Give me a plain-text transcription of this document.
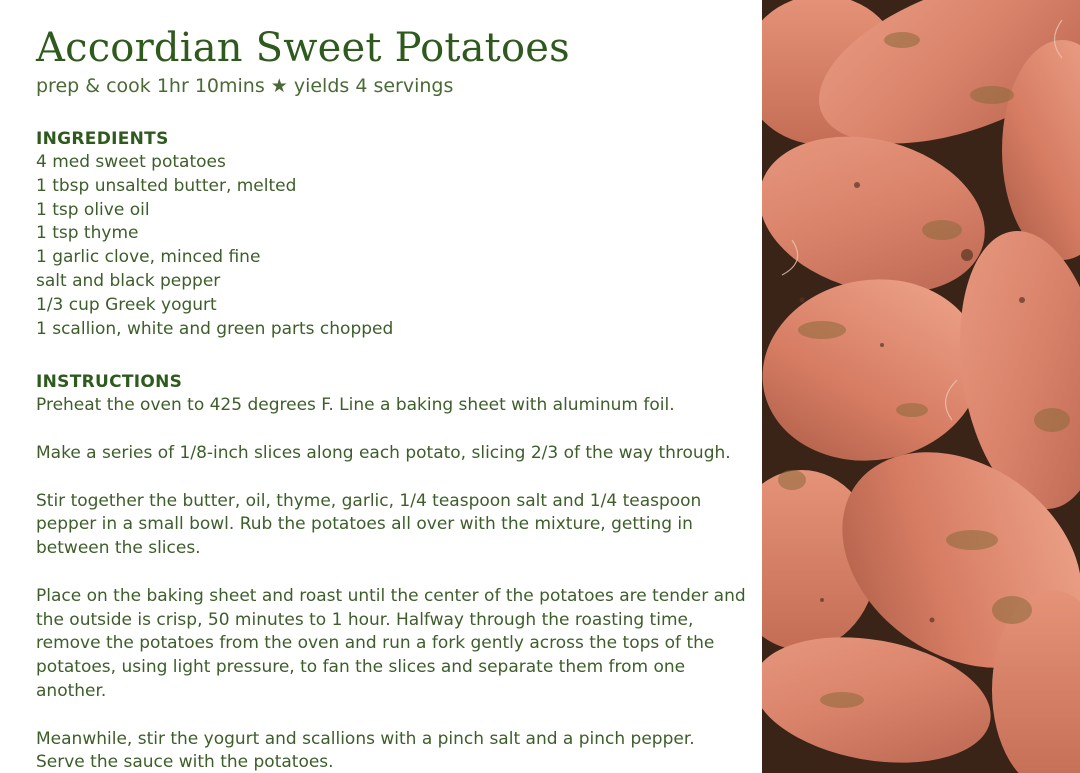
Accordian Sweet Potatoes

prep & cook 1hr 10mins ★ yields 4 servings

INGREDIENTS
4 med sweet potatoes
1 tbsp unsalted butter, melted
1 tsp olive oil
1 tsp thyme
1 garlic clove, minced fine
salt and black pepper
1/3 cup Greek yogurt
1 scallion, white and green parts chopped
INSTRUCTIONS

Preheat the oven to 425 degrees F. Line a baking sheet with aluminum foil.

Make a series of 1/8-inch slices along each potato, slicing 2/3 of the way through.

Stir together the butter, oil, thyme, garlic, 1/4 teaspoon salt and 1/4 teaspoon pepper in a small bowl. Rub the potatoes all over with the mixture, getting in between the slices.

Place on the baking sheet and roast until the center of the potatoes are tender and the outside is crisp, 50 minutes to 1 hour. Halfway through the roasting time, remove the potatoes from the oven and run a fork gently across the tops of the potatoes, using light pressure, to fan the slices and separate them from one another.

Meanwhile, stir the yogurt and scallions with a pinch salt and a pinch pepper. Serve the sauce with the potatoes.
